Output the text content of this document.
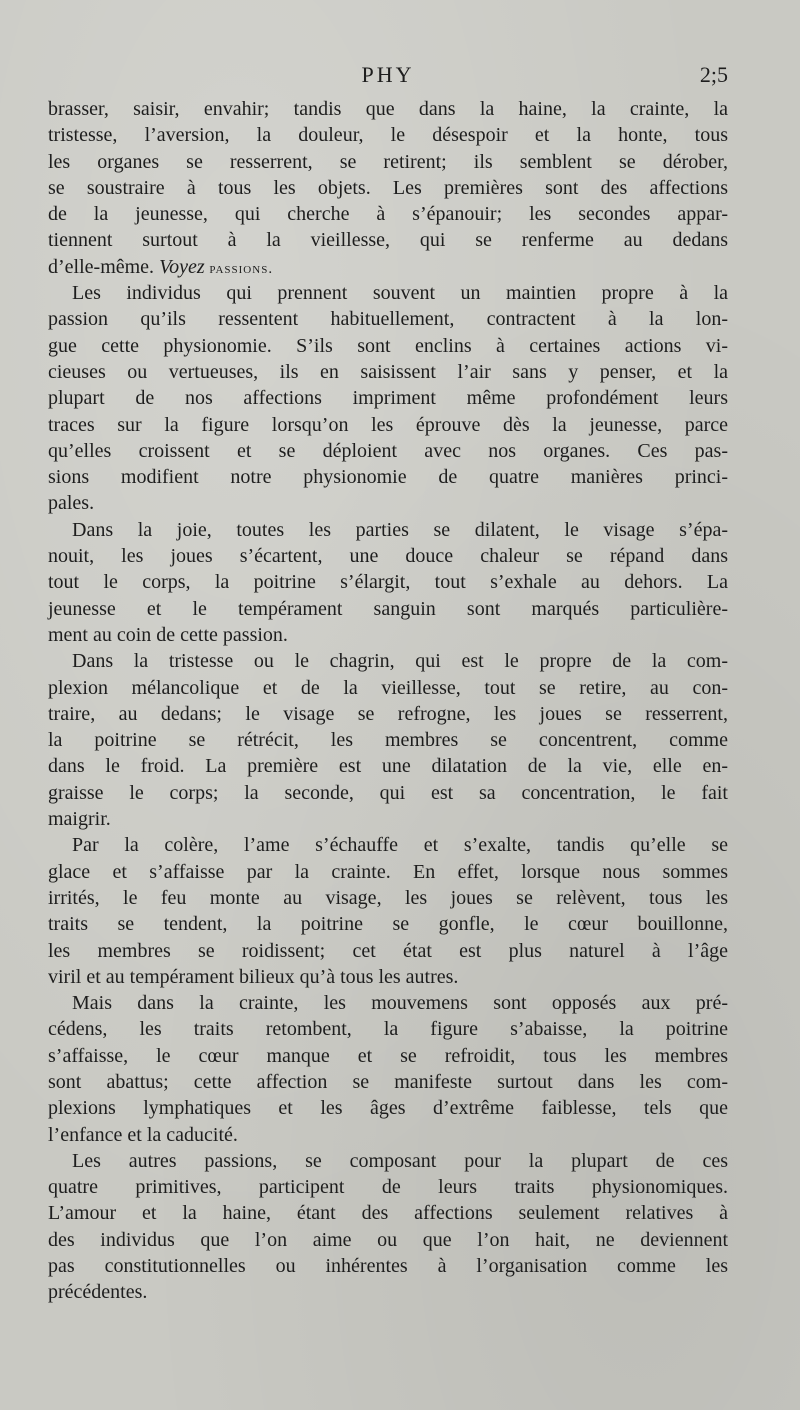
PHY	2;5
brasser, saisir, envahir; tandis que dans la haine, la crainte, la
tristesse, l’aversion, la douleur, le désespoir et la honte, tous
les organes se resserrent, se retirent; ils semblent se dérober,
se soustraire à tous les objets. Les premières sont des affections
de la jeunesse, qui cherche à s’épanouir; les secondes appar-
tiennent surtout à la vieillesse, qui se renferme au dedans
d’elle-même. Voyez passions.
Les individus qui prennent souvent un maintien propre à la
passion qu’ils ressentent habituellement, contractent à la lon-
gue cette physionomie. S’ils sont enclins à certaines actions vi-
cieuses ou vertueuses, ils en saisissent l’air sans y penser, et la
plupart de nos affections impriment même profondément leurs
traces sur la figure lorsqu’on les éprouve dès la jeunesse, parce
qu’elles croissent et se déploient avec nos organes. Ces pas-
sions modifient notre physionomie de quatre manières princi-
pales.
Dans la joie, toutes les parties se dilatent, le visage s’épa-
nouit, les joues s’écartent, une douce chaleur se répand dans
tout le corps, la poitrine s’élargit, tout s’exhale au dehors. La
jeunesse et le tempérament sanguin sont marqués particulière-
ment au coin de cette passion.
Dans la tristesse ou le chagrin, qui est le propre de la com-
plexion mélancolique et de la vieillesse, tout se retire, au con-
traire, au dedans; le visage se refrogne, les joues se resserrent,
la poitrine se rétrécit, les membres se concentrent, comme
dans le froid. La première est une dilatation de la vie, elle en-
graisse le corps; la seconde, qui est sa concentration, le fait
maigrir.
Par la colère, l’ame s’échauffe et s’exalte, tandis qu’elle se
glace et s’affaisse par la crainte. En effet, lorsque nous sommes
irrités, le feu monte au visage, les joues se relèvent, tous les
traits se tendent, la poitrine se gonfle, le cœur bouillonne,
les membres se roidissent; cet état est plus naturel à l’âge
viril et au tempérament bilieux qu’à tous les autres.
Mais dans la crainte, les mouvemens sont opposés aux pré-
cédens, les traits retombent, la figure s’abaisse, la poitrine
s’affaisse, le cœur manque et se refroidit, tous les membres
sont abattus; cette affection se manifeste surtout dans les com-
plexions lymphatiques et les âges d’extrême faiblesse, tels que
l’enfance et la caducité.
Les autres passions, se composant pour la plupart de ces
quatre primitives, participent de leurs traits physionomiques.
L’amour et la haine, étant des affections seulement relatives à
des individus que l’on aime ou que l’on hait, ne deviennent
pas constitutionnelles ou inhérentes à l’organisation comme les
précédentes.
